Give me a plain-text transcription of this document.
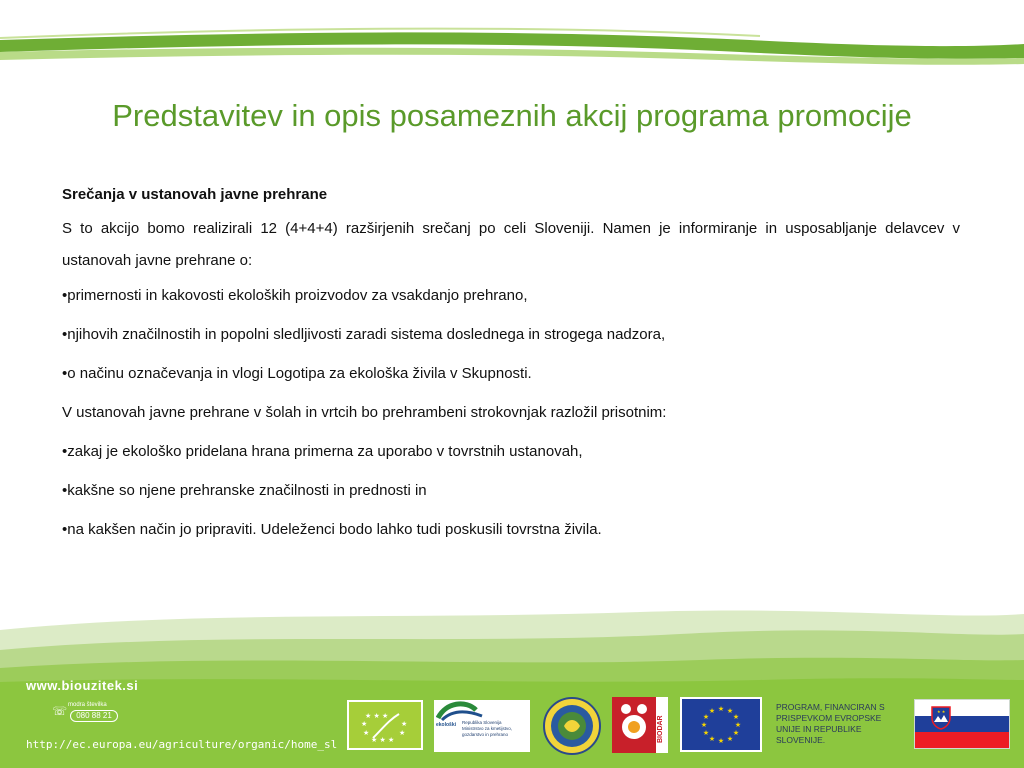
Predstavitev in opis posameznih akcij programa promocije
Srečanja v ustanovah javne prehrane

S to akcijo bomo realizirali 12 (4+4+4) razširjenih srečanj po celi Sloveniji. Namen je informiranje in usposabljanje delavcev v ustanovah javne prehrane o:

•primernosti in kakovosti ekoloških proizvodov za vsakdanjo prehrano,
•njihovih značilnostih in popolni sledljivosti zaradi sistema doslednega in strogega nadzora,
•o načinu označevanja in vlogi Logotipa za ekološka živila v Skupnosti.
V ustanovah javne prehrane v šolah in vrtcih bo prehrambeni strokovnjak razložil prisotnim:
•zakaj je ekološko pridelana hrana primerna za uporabo v tovrstnih ustanovah,
•kakšne so njene prehranske značilnosti in prednosti in
•na kakšen način jo pripraviti. Udeleženci bodo lahko tudi poskusili tovrstna živila.
www.biouzitek.si
☏ modra številka
080 88 21
http://ec.europa.eu/agriculture/organic/home_sl
★ ★ ★
★	★
★	★
★ ★ ★
ekološki Republika Slovenija
Ministrstvo za kmetijstvo,
gozdarstvo in prehrano	BIODAR
★ ★
★
★
★
★
★
★
★
★
★
★	PROGRAM, FINANCIRAN S PRISPEVKOM EVROPSKE UNIJE IN REPUBLIKE SLOVENIJE.
★ ★
